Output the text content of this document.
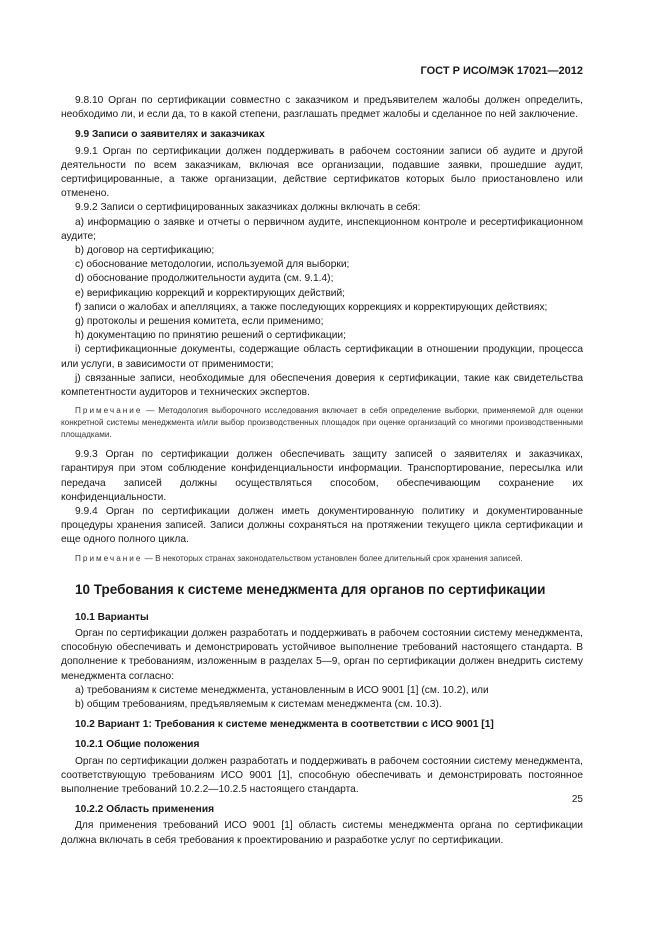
ГОСТ Р ИСО/МЭК 17021—2012

9.8.10 Орган по сертификации совместно с заказчиком и предъявителем жалобы должен определить, необходимо ли, и если да, то в какой степени, разглашать предмет жалобы и сделанное по ней заключение.

9.9 Записи о заявителях и заказчиках

9.9.1 Орган по сертификации должен поддерживать в рабочем состоянии записи об аудите и другой деятельности по всем заказчикам, включая все организации, подавшие заявки, прошедшие аудит, сертифицированные, а также организации, действие сертификатов которых было приостановлено или отменено.

9.9.2 Записи о сертифицированных заказчиках должны включать в себя:

a) информацию о заявке и отчеты о первичном аудите, инспекционном контроле и ресертификационном аудите;

b) договор на сертификацию;

c) обоснование методологии, используемой для выборки;

d) обоснование продолжительности аудита (см. 9.1.4);

e) верификацию коррекций и корректирующих действий;

f) записи о жалобах и апелляциях, а также последующих коррекциях и корректирующих действиях;

g) протоколы и решения комитета, если применимо;

h) документацию по принятию решений о сертификации;

i) сертификационные документы, содержащие область сертификации в отношении продукции, процесса или услуги, в зависимости от применимости;

j) связанные записи, необходимые для обеспечения доверия к сертификации, такие как свидетельства компетентности аудиторов и технических экспертов.

Примечание — Методология выборочного исследования включает в себя определение выборки, применяемой для оценки конкретной системы менеджмента и/или выбор производственных площадок при оценке организаций со многими производственными площадками.

9.9.3 Орган по сертификации должен обеспечивать защиту записей о заявителях и заказчиках, гарантируя при этом соблюдение конфиденциальности информации. Транспортирование, пересылка или передача записей должны осуществляться способом, обеспечивающим сохранение их конфиденциальности.

9.9.4 Орган по сертификации должен иметь документированную политику и документированные процедуры хранения записей. Записи должны сохраняться на протяжении текущего цикла сертификации и еще одного полного цикла.

Примечание — В некоторых странах законодательством установлен более длительный срок хранения записей.

10 Требования к системе менеджмента для органов по сертификации

10.1 Варианты

Орган по сертификации должен разработать и поддерживать в рабочем состоянии систему менеджмента, способную обеспечивать и демонстрировать устойчивое выполнение требований настоящего стандарта. В дополнение к требованиям, изложенным в разделах 5—9, орган по сертификации должен внедрить систему менеджмента согласно:

a) требованиям к системе менеджмента, установленным в ИСО 9001 [1] (см. 10.2), или

b) общим требованиям, предъявляемым к системам менеджмента (см. 10.3).

10.2 Вариант 1: Требования к системе менеджмента в соответствии с ИСО 9001 [1]

10.2.1 Общие положения

Орган по сертификации должен разработать и поддерживать в рабочем состоянии систему менеджмента, соответствующую требованиям ИСО 9001 [1], способную обеспечивать и демонстрировать постоянное выполнение требований 10.2.2—10.2.5 настоящего стандарта.

10.2.2 Область применения

Для применения требований ИСО 9001 [1] область системы менеджмента органа по сертификации должна включать в себя требования к проектированию и разработке услуг по сертификации.

25
